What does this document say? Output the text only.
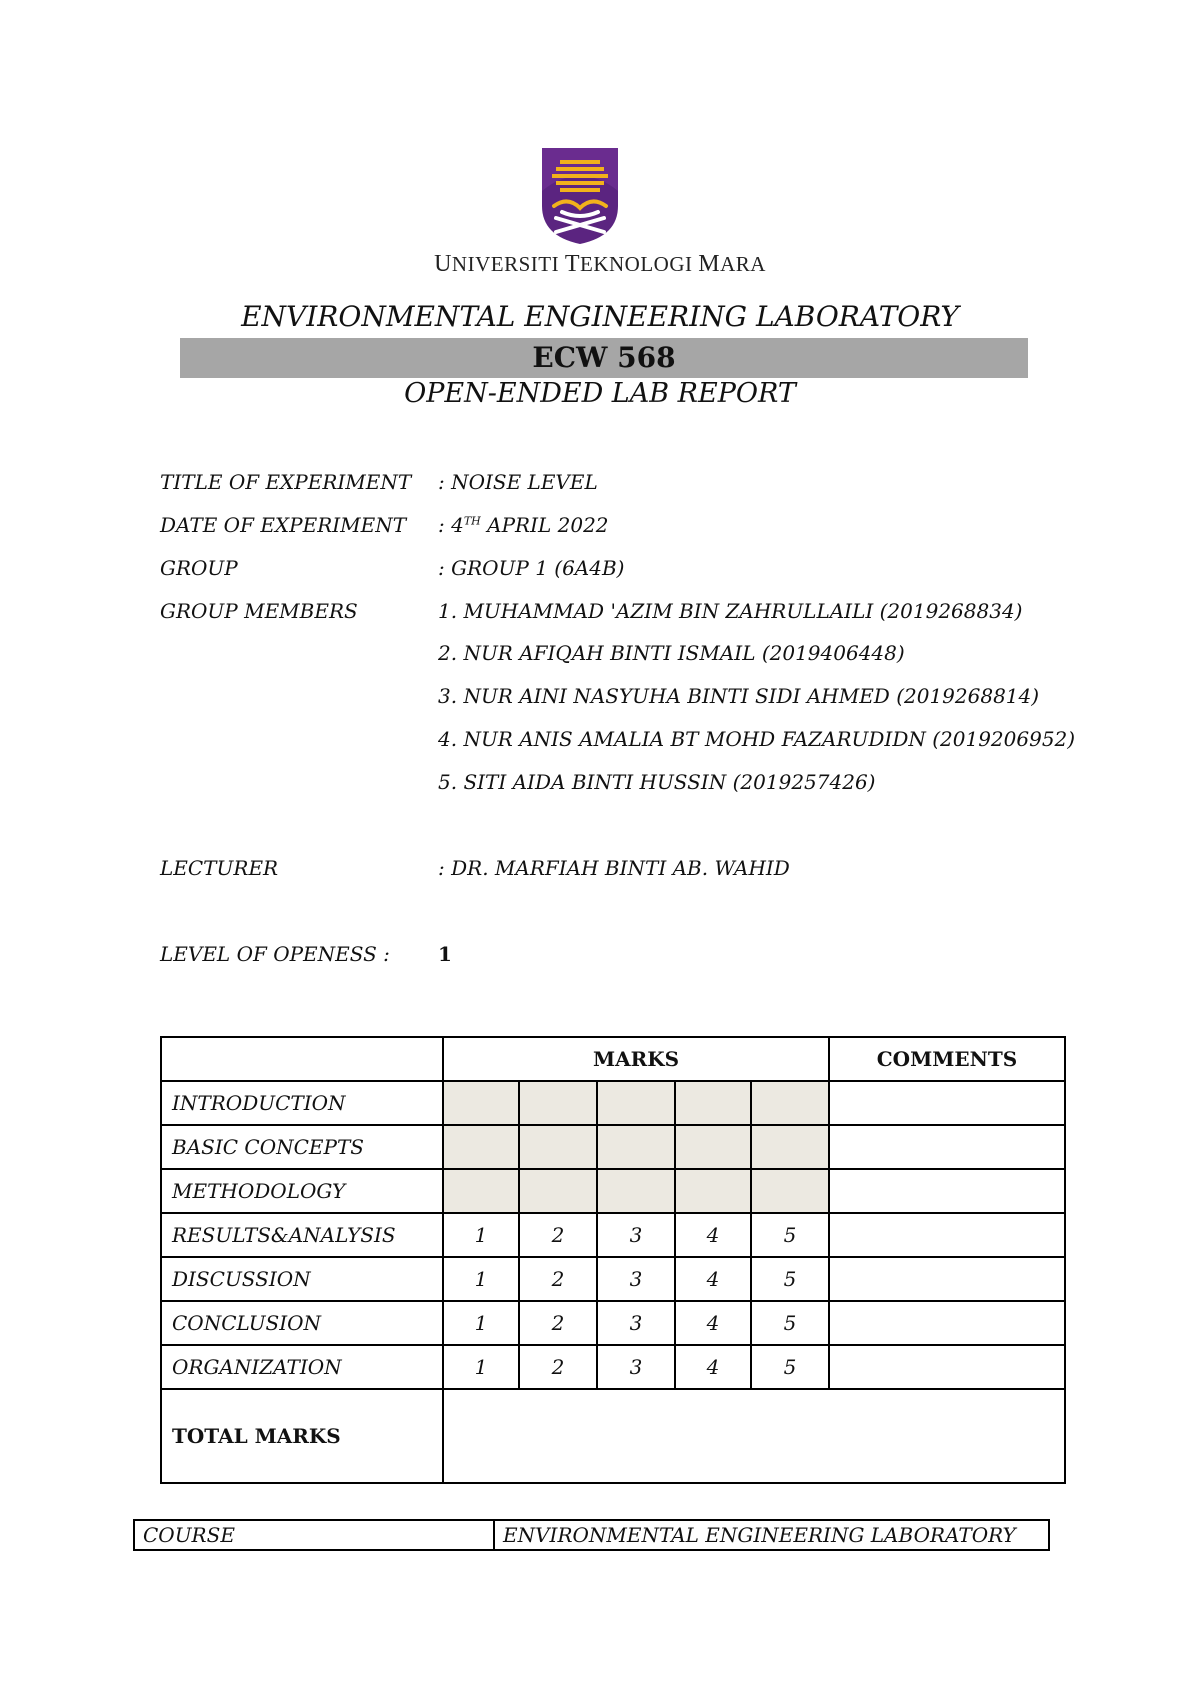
UNIVERSITI TEKNOLOGI MARA
ENVIRONMENTAL ENGINEERING LABORATORY
ECW 568
OPEN-ENDED LAB REPORT
TITLE OF EXPERIMENT : NOISE LEVEL
DATE OF EXPERIMENT : 4TH APRIL 2022
GROUP	: GROUP 1 (6A4B)
GROUP MEMBERS	1. MUHAMMAD 'AZIM BIN ZAHRULLAILI (2019268834)
2. NUR AFIQAH BINTI ISMAIL (2019406448)
3. NUR AINI NASYUHA BINTI SIDI AHMED (2019268814)
4. NUR ANIS AMALIA BT MOHD FAZARUDIDN (2019206952)
5. SITI AIDA BINTI HUSSIN (2019257426)
LECTURER	: DR. MARFIAH BINTI AB. WAHID
LEVEL OF OPENESS : 1
	MARKS					COMMENTS
INTRODUCTION						
BASIC CONCEPTS						
METHODOLOGY						
RESULTS&ANALYSIS	1	2	3	4	5	
DISCUSSION	1	2	3	4	5	
CONCLUSION	1	2	3	4	5	
ORGANIZATION	1	2	3	4	5	
TOTAL MARKS						
COURSE	ENVIRONMENTAL ENGINEERING LABORATORY
